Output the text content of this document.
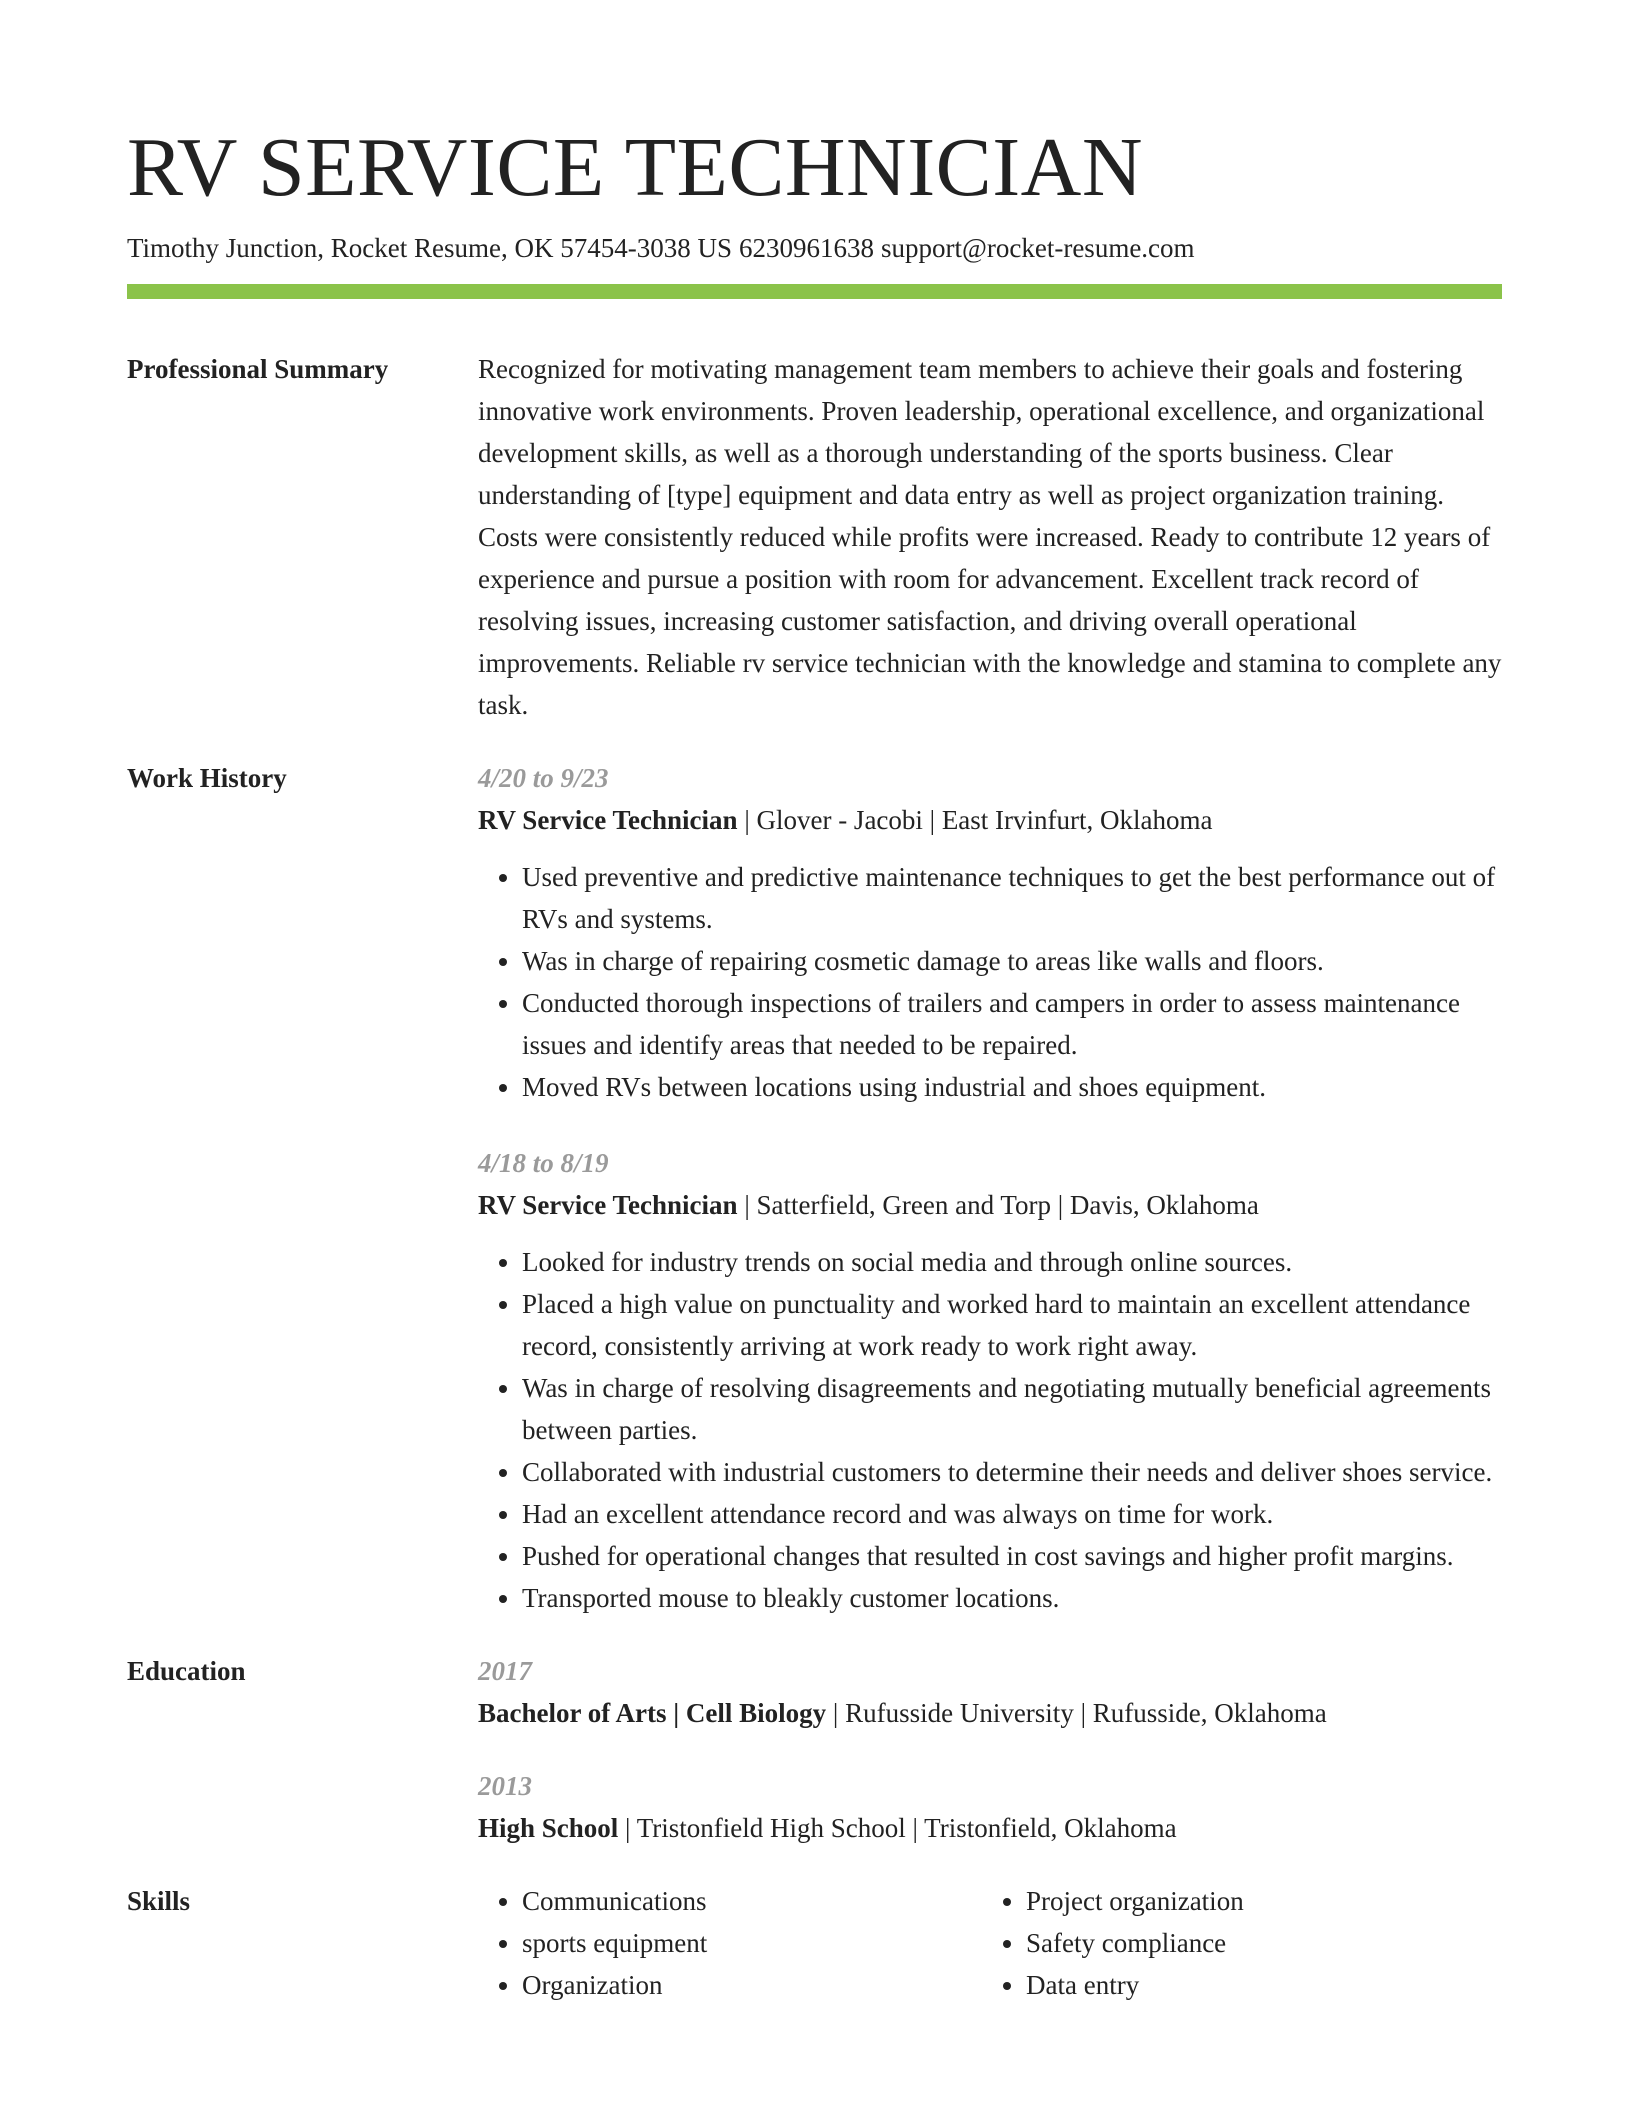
RV SERVICE TECHNICIAN
Timothy Junction, Rocket Resume, OK 57454-3038 US 6230961638 support@rocket-resume.com
Professional Summary	Recognized for motivating management team members to achieve their goals and fostering innovative work environments. Proven leadership, operational excellence, and organizational development skills, as well as a thorough understanding of the sports business. Clear understanding of [type] equipment and data entry as well as project organization training. Costs were consistently reduced while profits were increased. Ready to contribute 12 years of experience and pursue a position with room for advancement. Excellent track record of resolving issues, increasing customer satisfaction, and driving overall operational improvements. Reliable rv service technician with the knowledge and stamina to complete any task.
Work History	4/20 to 9/23
RV Service Technician | Glover - Jacobi | East Irvinfurt, Oklahoma
• Used preventive and predictive maintenance techniques to get the best performance out of RVs and systems.
• Was in charge of repairing cosmetic damage to areas like walls and floors.
• Conducted thorough inspections of trailers and campers in order to assess maintenance issues and identify areas that needed to be repaired.
• Moved RVs between locations using industrial and shoes equipment.
4/18 to 8/19
RV Service Technician | Satterfield, Green and Torp | Davis, Oklahoma
• Looked for industry trends on social media and through online sources.
• Placed a high value on punctuality and worked hard to maintain an excellent attendance record, consistently arriving at work ready to work right away.
• Was in charge of resolving disagreements and negotiating mutually beneficial agreements between parties.
• Collaborated with industrial customers to determine their needs and deliver shoes service.
• Had an excellent attendance record and was always on time for work.
• Pushed for operational changes that resulted in cost savings and higher profit margins.
• Transported mouse to bleakly customer locations.
Education	2017
Bachelor of Arts | Cell Biology | Rufusside University | Rufusside, Oklahoma
2013
High School | Tristonfield High School | Tristonfield, Oklahoma
Skills
•	Communications
• sports equipment
• Organization
• Project organization
• Safety compliance
• Data entry
